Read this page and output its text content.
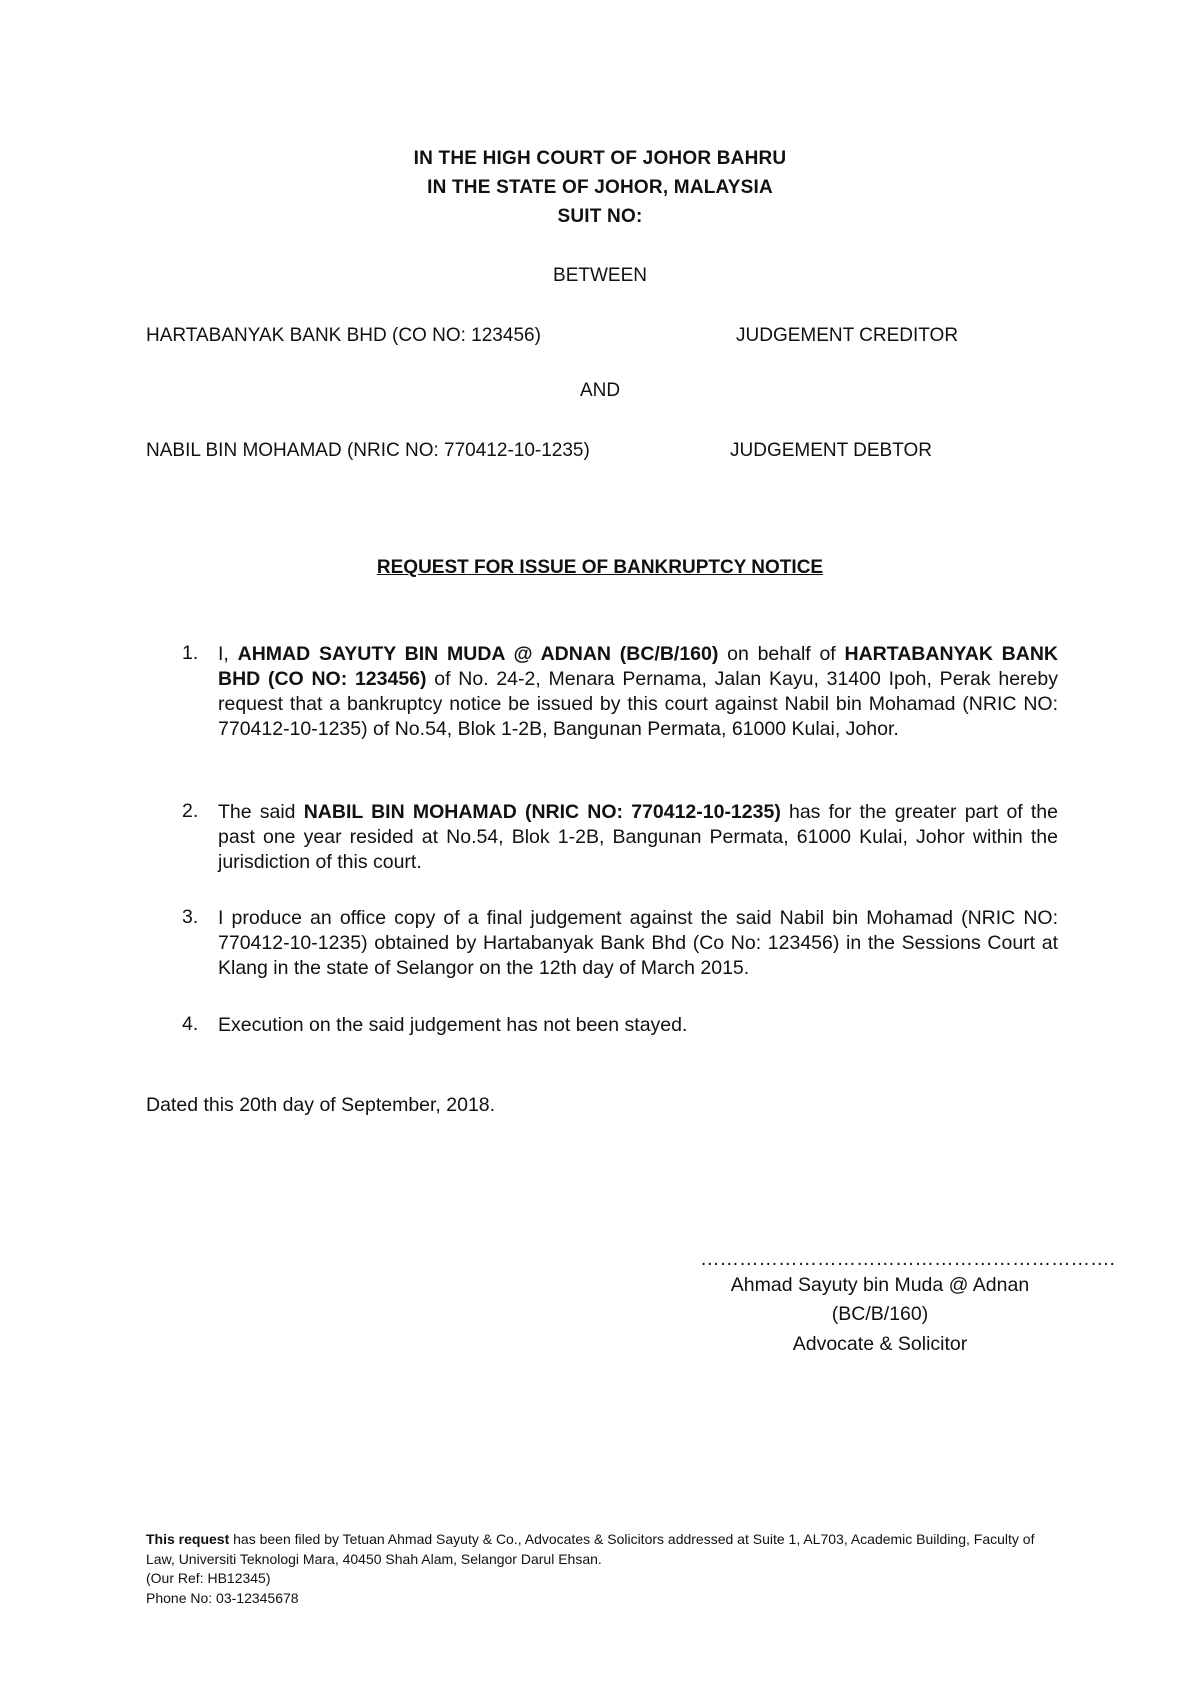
IN THE HIGH COURT OF JOHOR BAHRU
IN THE STATE OF JOHOR, MALAYSIA
SUIT NO:
BETWEEN
HARTABANYAK BANK BHD (CO NO: 123456)	JUDGEMENT CREDITOR
AND
NABIL BIN MOHAMAD (NRIC NO: 770412-10-1235)	JUDGEMENT DEBTOR
REQUEST FOR ISSUE OF BANKRUPTCY NOTICE
1. I, AHMAD SAYUTY BIN MUDA @ ADNAN (BC/B/160) on behalf of HARTABANYAK BANK BHD (CO NO: 123456) of No. 24-2, Menara Pernama, Jalan Kayu, 31400 Ipoh, Perak hereby request that a bankruptcy notice be issued by this court against Nabil bin Mohamad (NRIC NO: 770412-10-1235) of No.54, Blok 1-2B, Bangunan Permata, 61000 Kulai, Johor.
2. The said NABIL BIN MOHAMAD (NRIC NO: 770412-10-1235) has for the greater part of the past one year resided at No.54, Blok 1-2B, Bangunan Permata, 61000 Kulai, Johor within the jurisdiction of this court.
3. I produce an office copy of a final judgement against the said Nabil bin Mohamad (NRIC NO: 770412-10-1235) obtained by Hartabanyak Bank Bhd (Co No: 123456) in the Sessions Court at Klang in the state of Selangor on the 12th day of March 2015.
4. Execution on the said judgement has not been stayed.
Dated this 20th day of September, 2018.
……………………………………………………….
Ahmad Sayuty bin Muda @ Adnan
(BC/B/160)
Advocate & Solicitor
This request has been filed by Tetuan Ahmad Sayuty & Co., Advocates & Solicitors addressed at Suite 1, AL703, Academic Building, Faculty of Law, Universiti Teknologi Mara, 40450 Shah Alam, Selangor Darul Ehsan.
(Our Ref: HB12345)
Phone No: 03-12345678
